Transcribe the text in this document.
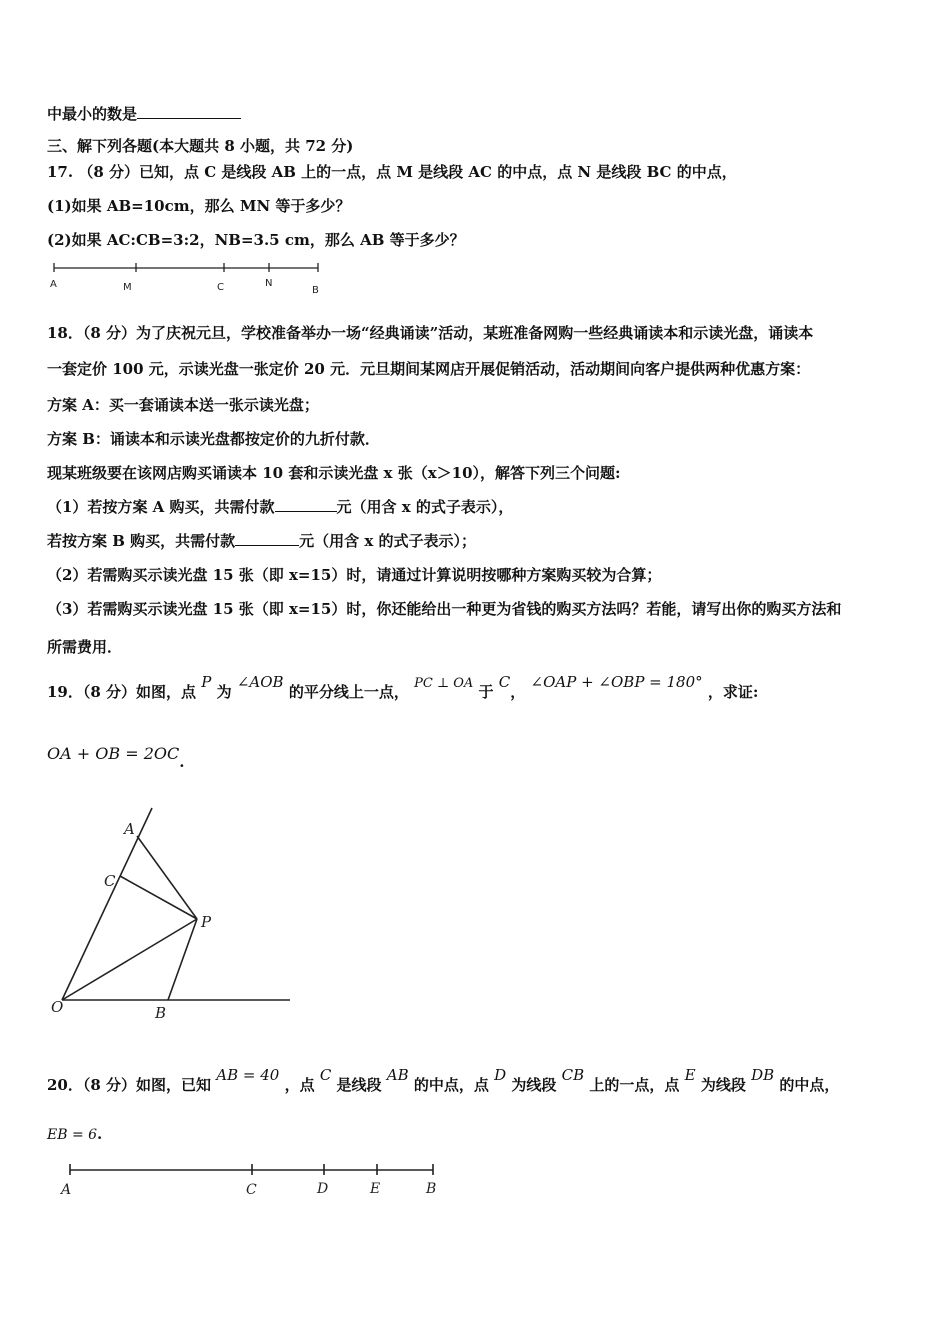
中最小的数是
三、解下列各题(本大题共 8 小题，共 72 分)
17. （8 分）已知，点 C 是线段 AB 上的一点，点 M 是线段 AC 的中点，点 N 是线段 BC 的中点，
(1)如果 AB=10cm，那么 MN 等于多少？
(2)如果 AC:CB=3:2，NB=3.5 cm，那么 AB 等于多少？
A	M	C	N
B
18．（8 分）为了庆祝元旦，学校准备举办一场“经典诵读”活动，某班准备网购一些经典诵读本和示读光盘，诵读本
一套定价 100 元，示读光盘一张定价 20 元．元旦期间某网店开展促销活动，活动期间向客户提供两种优惠方案：
方案 A：买一套诵读本送一张示读光盘；
方案 B：诵读本和示读光盘都按定价的九折付款．
现某班级要在该网店购买诵读本 10 套和示读光盘 x 张（x＞10），解答下列三个问题:
（1）若按方案 A 购买，共需付款	元（用含 x 的式子表示），
若按方案 B 购买，共需付款	元（用含 x 的式子表示）；
（2）若需购买示读光盘 15 张（即 x=15）时，请通过计算说明按哪种方案购买较为合算；
（3）若需购买示读光盘 15 张（即 x=15）时，你还能给出一种更为省钱的购买方法吗？若能，请写出你的购买方法和
所需费用．
19．（8 分）如图，点 P 为 ∠AOB 的平分线上一点， PC ⊥ OA 于 C， ∠OAP + ∠OBP = 180° ，求证:
OA + OB = 2OC.
A
C
P
O	B
20．（8 分）如图，已知 AB = 40 ，点 C 是线段 AB 的中点，点 D 为线段 CB 上的一点，点 E 为线段 DB 的中点，
EB = 6.
A	C	D	E	B
